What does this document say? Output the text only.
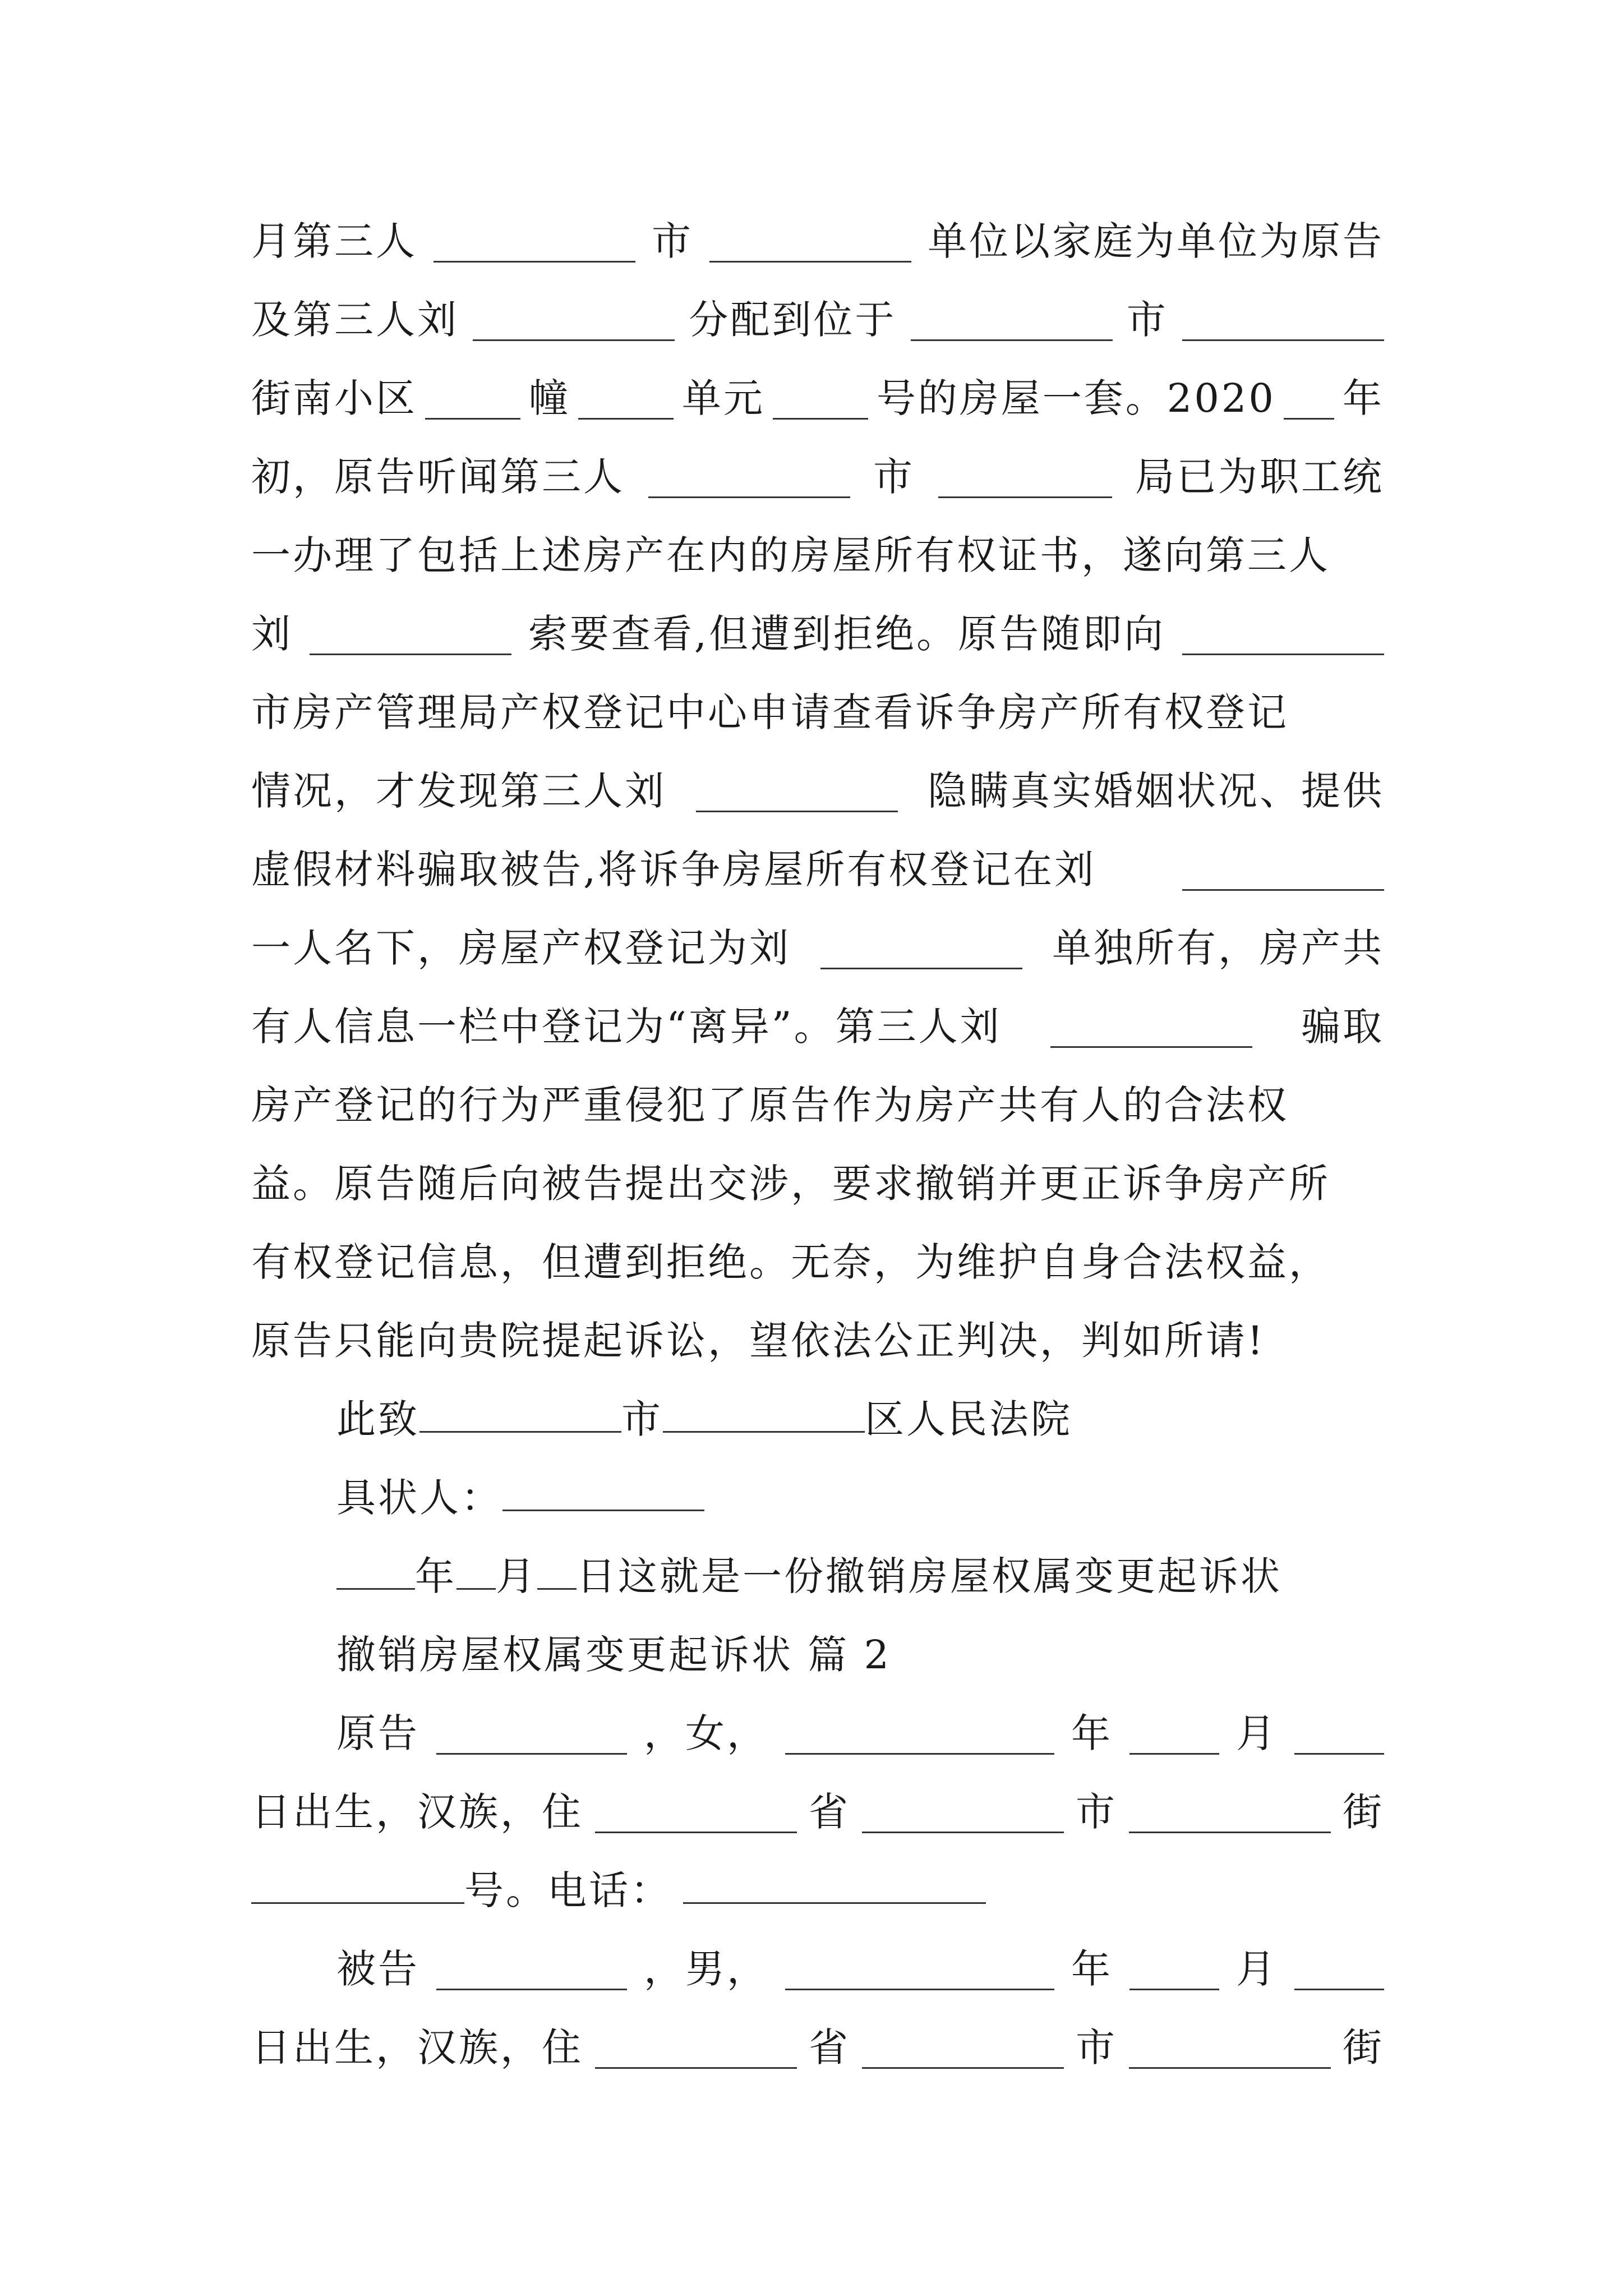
月第三人	市	单位以家庭为单位为原告
及第三人刘	分配到位于	市
街南小区	幢	单元	号的房屋一套。2020 年
初，原告听闻第三人	市	局已为职工统
一办理了包括上述房产在内的房屋所有权证书，遂向第三人
刘	索要查看,但遭到拒绝。原告随即向
市房产管理局产权登记中心申请查看诉争房产所有权登记
情况，才发现第三人刘	隐瞒真实婚姻状况、提供
虚假材料骗取被告,将诉争房屋所有权登记在刘
一人名下，房屋产权登记为刘	单独所有，房产共
有人信息一栏中登记为“离异”。第三人刘	骗取
房产登记的行为严重侵犯了原告作为房产共有人的合法权
益。原告随后向被告提出交涉，要求撤销并更正诉争房产所
有权登记信息，但遭到拒绝。无奈，为维护自身合法权益，
原告只能向贵院提起诉讼，望依法公正判决，判如所请!
此致	市	区人民法院
具状人：
年 月 日这就是一份撤销房屋权属变更起诉状
撤销房屋权属变更起诉状 篇 2
原告	，女，	年	月
日出生，汉族，住	省	市	街
号。电话：
被告	，男，	年	月
日出生，汉族，住	省	市	街
